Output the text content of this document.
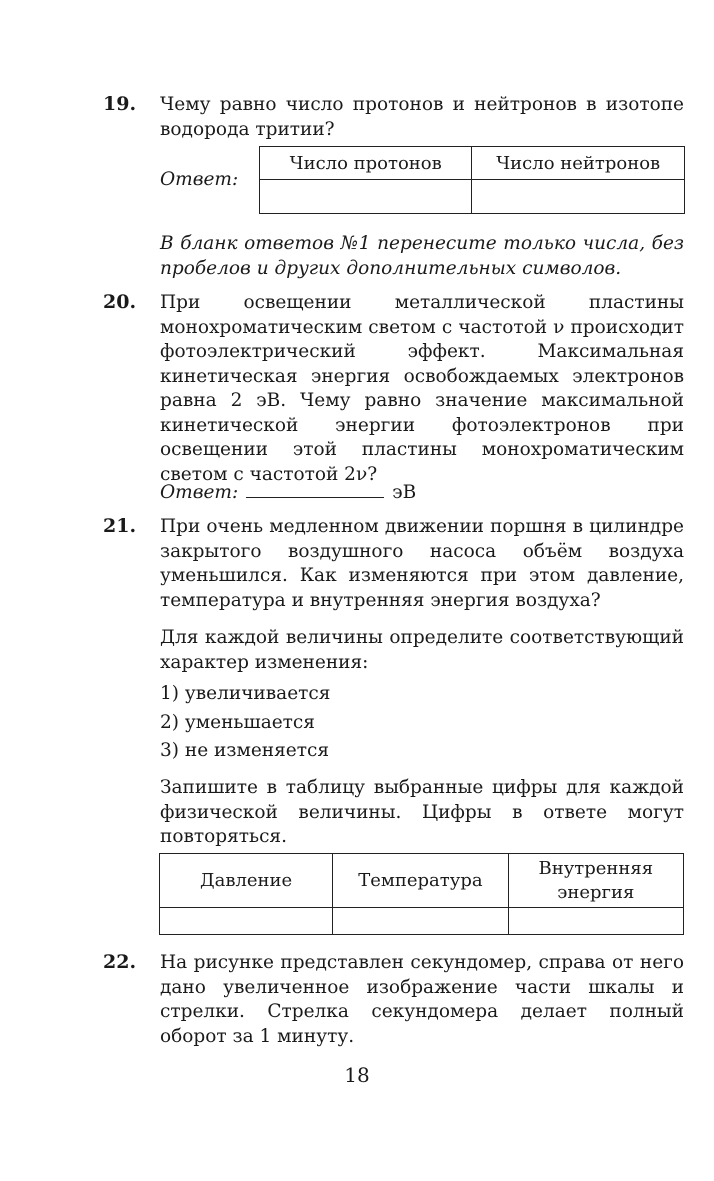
19. Чему равно число протонов и нейтронов в изотопе водорода тритии?
Ответ:
Число протонов	Число нейтронов

В бланк ответов №1 перенесите только числа, без пробелов и других дополнительных символов.
20. При освещении металлической пластины монохроматическим светом с частотой ν происходит фотоэлектрический эффект. Максимальная кинетическая энергия освобождаемых электронов равна 2 эВ. Чему равно значение максимальной кинетической энергии фотоэлектронов при освещении этой пластины монохроматическим светом с частотой 2ν?
Ответ:	эВ
21. При очень медленном движении поршня в цилиндре закрытого воздушного насоса объём воздуха уменьшился. Как изменяются при этом давление, температура и внутренняя энергия воздуха?
Для каждой величины определите соответствующий характер изменения:
1) увеличивается
2) уменьшается
3) не изменяется
Запишите в таблицу выбранные цифры для каждой физической величины. Цифры в ответе могут повторяться.
Давление	Температура	Внутренняя энергия

22. На рисунке представлен секундомер, справа от него дано увеличенное изображение части шкалы и стрелки. Стрелка секундомера делает полный оборот за 1 минуту.
18
